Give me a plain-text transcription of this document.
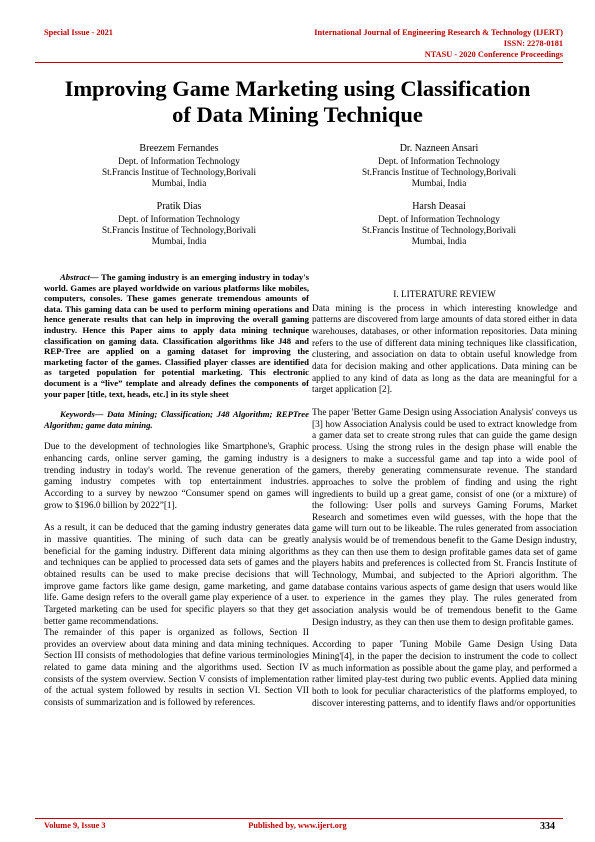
Special Issue - 2021	International Journal of Engineering Research & Technology (IJERT)
ISSN: 2278-0181
NTASU - 2020 Conference Proceedings
Improving Game Marketing using Classification
of Data Mining Technique
Breezem Fernandes
Dept. of Information Technology
St.Francis Institue of Technology,Borivali
Mumbai, India
Dr. Nazneen Ansari
Dept. of Information Technology
St.Francis Institue of Technology,Borivali
Mumbai, India
Pratik Dias
Dept. of Information Technology
St.Francis Institue of Technology,Borivali
Mumbai, India
Harsh Deasai
Dept. of Information Technology
St.Francis Institue of Technology,Borivali
Mumbai, India

Abstract— The gaming industry is an emerging industry in today's world. Games are played worldwide on various platforms like mobiles, computers, consoles. These games generate tremendous amounts of data. This gaming data can be used to perform mining operations and hence generate results that can help in improving the overall gaming industry. Hence this Paper aims to apply data mining technique classification on gaming data. Classification algorithms like J48 and REP-Tree are applied on a gaming dataset for improving the marketing factor of the games. Classified player classes are identified as targeted population for potential marketing. This electronic document is a “live” template and already defines the components of your paper [title, text, heads, etc.] in its style sheet

Keywords— Data Mining; Classification; J48 Algorithm; REPTree Algorithm; game data mining.

Due to the development of technologies like Smartphone's, Graphic enhancing cards, online server gaming, the gaming industry is a trending industry in today's world. The revenue generation of the gaming industry competes with top entertainment industries. According to a survey by newzoo “Consumer spend on games will grow to $196.0 billion by 2022”[1].

As a result, it can be deduced that the gaming industry generates data in massive quantities. The mining of such data can be greatly beneficial for the gaming industry. Different data mining algorithms and techniques can be applied to processed data sets of games and the obtained results can be used to make precise decisions that will improve game factors like game design, game marketing, and game life. Game design refers to the overall game play experience of a user. Targeted marketing can be used for specific players so that they get better game recommendations.

The remainder of this paper is organized as follows, Section II provides an overview about data mining and data mining techniques. Section III consists of methodologies that define various terminologies related to game data mining and the algorithms used. Section IV consists of the system overview. Section V consists of implementation of the actual system followed by results in section VI. Section VII consists of summarization and is followed by references.

I. LITERATURE REVIEW

Data mining is the process in which interesting knowledge and patterns are discovered from large amounts of data stored either in data warehouses, databases, or other information repositories. Data mining refers to the use of different data mining techniques like classification, clustering, and association on data to obtain useful knowledge from data for decision making and other applications. Data mining can be applied to any kind of data as long as the data are meaningful for a target application [2].

The paper 'Better Game Design using Association Analysis' conveys us [3] how Association Analysis could be used to extract knowledge from a gamer data set to create strong rules that can guide the game design process. Using the strong rules in the design phase will enable the designers to make a successful game and tap into a wide pool of gamers, thereby generating commensurate revenue. The standard approaches to solve the problem of finding and using the right ingredients to build up a great game, consist of one (or a mixture) of the following: User polls and surveys Gaming Forums, Market Research and sometimes even wild guesses, with the hope that the game will turn out to be likeable. The rules generated from association analysis would be of tremendous benefit to the Game Design industry, as they can then use them to design profitable games data set of game players habits and preferences is collected from St. Francis Institute of Technology, Mumbai, and subjected to the Apriori algorithm. The database contains various aspects of game design that users would like to experience in the games they play. The rules generated from association analysis would be of tremendous benefit to the Game Design industry, as they can then use them to design profitable games.

According to paper 'Tuning Mobile Game Design Using Data Mining'[4], in the paper the decision to instrument the code to collect as much information as possible about the game play, and performed a rather limited play-test during two public events. Applied data mining both to look for peculiar characteristics of the platforms employed, to discover interesting patterns, and to identify flaws and/or opportunities

Volume 9, Issue 3	Published by, www.ijert.org	334
